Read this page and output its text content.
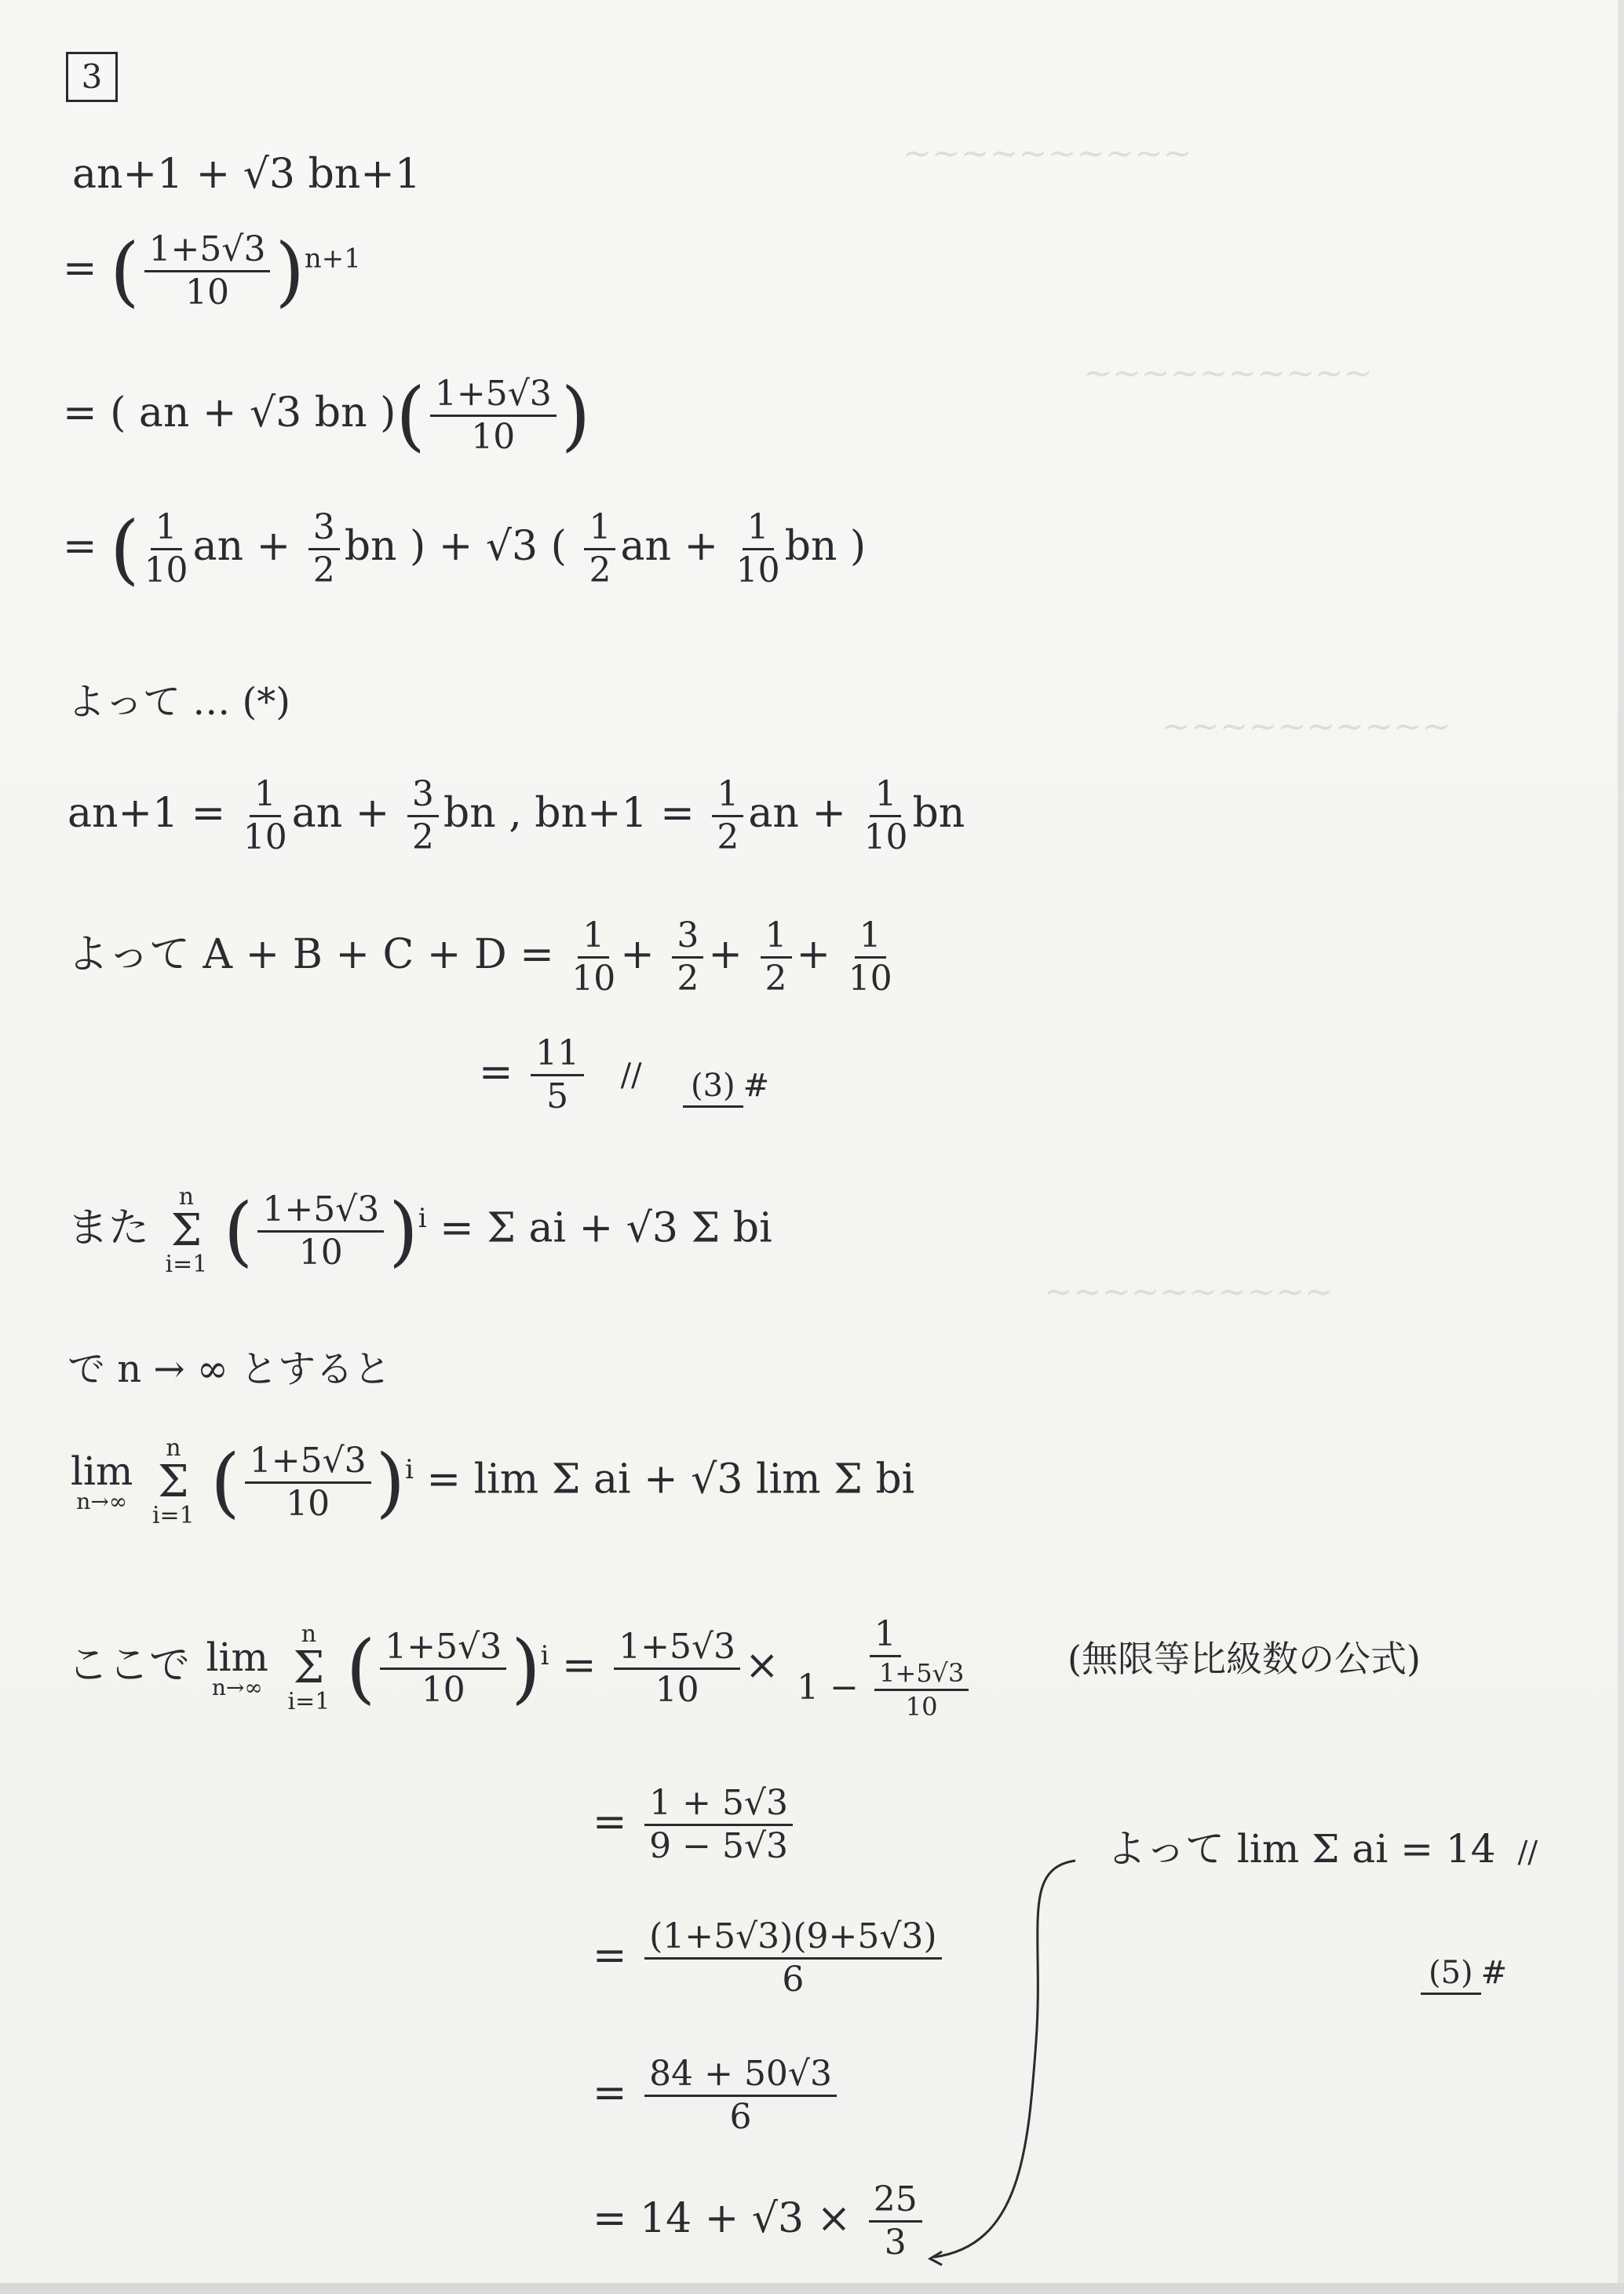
~~~~~~~~~~
~~~~~~~~~~
~~~~~~~~~~
~~~~~~~~~~
3
an+1 + √3 bn+1
= ( $\frac{1+5√3}{10} )^{n+1}$
= ( an + √3 bn )( $\frac{1+5√3}{10}$ )
= ( $\frac{1}{10}$ an + $\frac{3}{2}$ bn ) + √3 ( $\frac{1}{2}$ an + $\frac{1}{10}$ bn )
よって … (*)
$an+1 = \frac{1}{10}$ an + $\frac{3}{2}$ bn , $bn+1 = \frac{1}{2}$ an + $\frac{1}{10}$ bn
よって $A + B + C + D = \frac{1}{10} + \frac{3}{2} + \frac{1}{2} + \frac{1}{10}$
= $\frac{11}{5} // (3)$ #
また
n
Σ
i=1 ( $\frac{1+5√3}{10} )^i = \Sigma$ ai + √3 Σ bi
で n → ∞ とすると
lim
n→∞

n
Σ
i=1 ( $\frac{1+5√3}{10} )^i = \lim \Sigma$ ai + √3 lim Σ bi
ここで lim
n→∞

n
Σ
i=1 ( $\frac{1+5√3}{10} )^i = \frac{1+5√3}{10} \times \frac{1}{1 - \frac{1+5√3}{10}}$	(無限等比級数の公式)
= $\frac{1 + 5√3}{9 - 5√3}$
= $\frac{(1+5√3)(9+5√3)}{6}$
= $\frac{84 + 50√3}{6}$
= $14 + √3 \times \frac{25}{3}$
よって lim Σ ai = 14 //
(5) #
